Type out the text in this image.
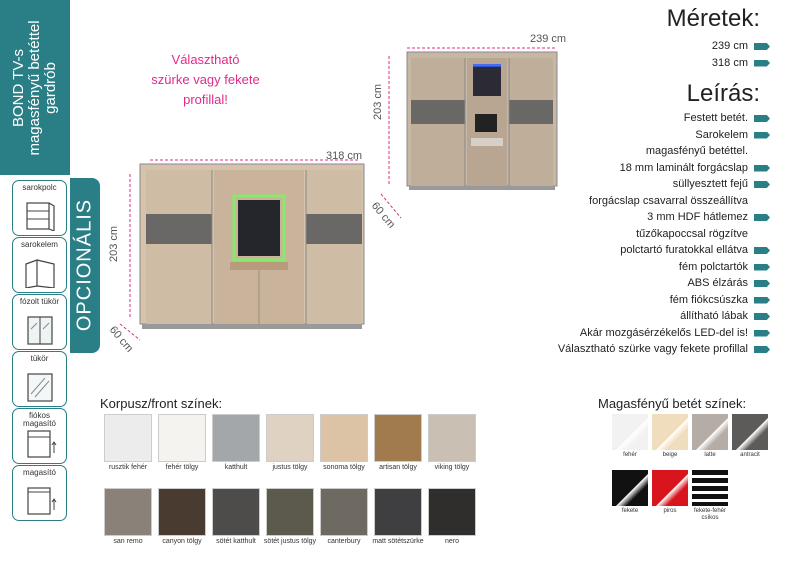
BOND TV-s magasfényű betéttel gardrób
OPCIONÁLIS
sarokpolc
sarokelem
fózolt tükör
tükör
fiókos magasító
magasító
Választható
szürke vagy fekete
profillal!
239 cm
203 cm
60 cm
318 cm
203 cm
60 cm
Méretek:
239 cm
318 cm
Leírás:
Festett betét.
Sarokelem
magasfényű betéttel.
18 mm laminált forgácslap
süllyesztett fejű
forgácslap csavarral összeállítva
3 mm HDF hátlemez
tűzőkapoccsal rögzítve
polctartó furatokkal ellátva
fém polctartók
ABS élzárás
fém fiókcsúszka
állítható lábak
Akár mozgásérzékelős LED-del is!
Választható szürke vagy fekete profillal
Korpusz/front színek:
rusztik fehér	fehér tölgy	katthult	justus tölgy	sonoma tölgy	artisan tölgy	viking tölgy
san remo	canyon tölgy	sötét katthult	sötét justus tölgy	canterbury	matt sötétszürke	nero
Magasfényű betét színek:
fehér	beige	latte	antracit
fekete	piros	fekete-fehér csíkos
